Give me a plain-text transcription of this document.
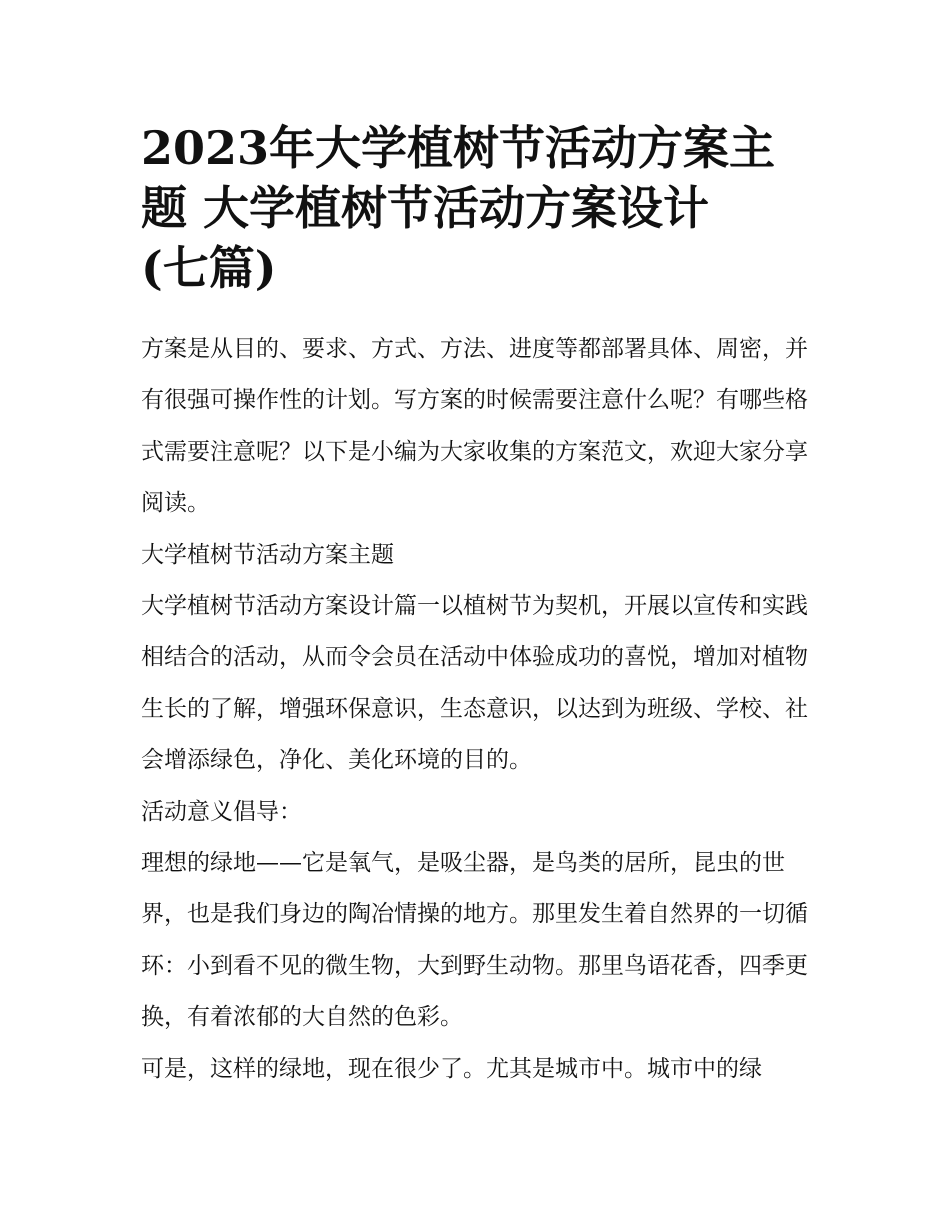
2023年大学植树节活动方案主
题 大学植树节活动方案设计
(七篇)

方案是从目的、要求、方式、方法、进度等都部署具体、周密，并有很强可操作性的计划。写方案的时候需要注意什么呢？有哪些格式需要注意呢？以下是小编为大家收集的方案范文，欢迎大家分享阅读。

大学植树节活动方案主题

大学植树节活动方案设计篇一以植树节为契机，开展以宣传和实践相结合的活动，从而令会员在活动中体验成功的喜悦，增加对植物生长的了解，增强环保意识，生态意识，以达到为班级、学校、社会增添绿色，净化、美化环境的目的。

活动意义倡导：

理想的绿地——它是氧气，是吸尘器，是鸟类的居所，昆虫的世界，也是我们身边的陶冶情操的地方。那里发生着自然界的一切循环：小到看不见的微生物，大到野生动物。那里鸟语花香，四季更换，有着浓郁的大自然的色彩。

可是，这样的绿地，现在很少了。尤其是城市中。城市中的绿
